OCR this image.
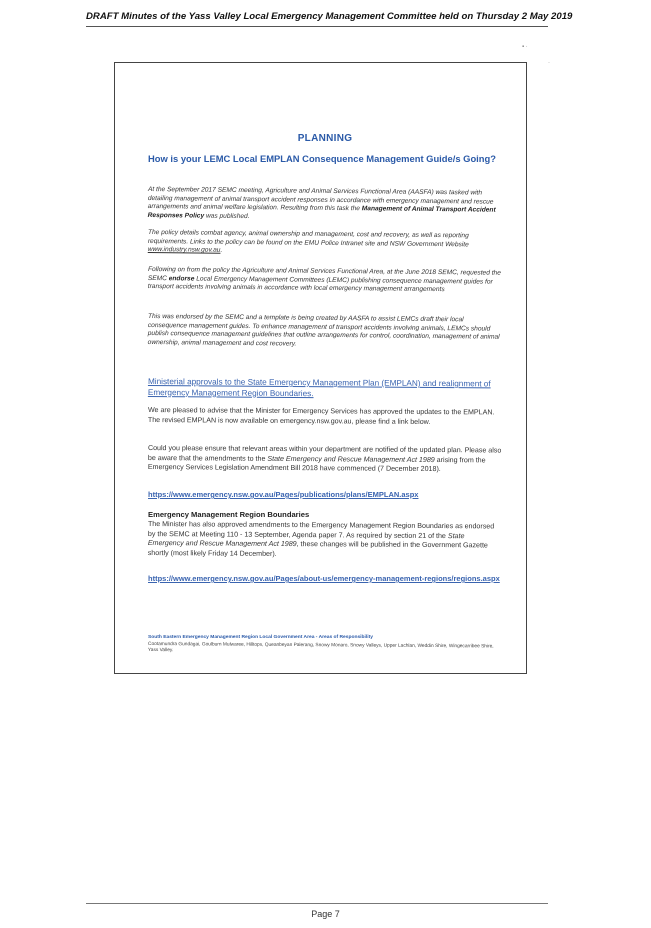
DRAFT Minutes of the Yass Valley Local Emergency Management Committee held on Thursday 2 May 2019
▪ ·
·
PLANNING
How is your LEMC Local EMPLAN Consequence Management Guide/s Going?
At the September 2017 SEMC meeting, Agriculture and Animal Services Functional Area (AASFA) was tasked with detailing management of animal transport accident responses in accordance with emergency management and rescue arrangements and animal welfare legislation. Resulting from this task the Management of Animal Transport Accident Responses Policy was published.
The policy details combat agency, animal ownership and management, cost and recovery, as well as reporting requirements. Links to the policy can be found on the EMU Police Intranet site and NSW Government Website www.industry.nsw.gov.au.
Following on from the policy the Agriculture and Animal Services Functional Area, at the June 2018 SEMC, requested the SEMC endorse Local Emergency Management Committees (LEMC) publishing consequence management guides for transport accidents involving animals in accordance with local emergency management arrangements
This was endorsed by the SEMC and a template is being created by AASFA to assist LEMCs draft their local consequence management guides. To enhance management of transport accidents involving animals, LEMCs should publish consequence management guidelines that outline arrangements for control, coordination, management of animal ownership, animal management and cost recovery.
Ministerial approvals to the State Emergency Management Plan (EMPLAN) and realignment of Emergency Management Region Boundaries.
We are pleased to advise that the Minister for Emergency Services has approved the updates to the EMPLAN. The revised EMPLAN is now available on emergency.nsw.gov.au, please find a link below.
Could you please ensure that relevant areas within your department are notified of the updated plan. Please also be aware that the amendments to the State Emergency and Rescue Management Act 1989 arising from the Emergency Services Legislation Amendment Bill 2018 have commenced (7 December 2018).
https://www.emergency.nsw.gov.au/Pages/publications/plans/EMPLAN.aspx
Emergency Management Region Boundaries
The Minister has also approved amendments to the Emergency Management Region Boundaries as endorsed by the SEMC at Meeting 110 - 13 September, Agenda paper 7. As required by section 21 of the State Emergency and Rescue Management Act 1989, these changes will be published in the Government Gazette shortly (most likely Friday 14 December).
https://www.emergency.nsw.gov.au/Pages/about-us/emergency-management-regions/regions.aspx
South Eastern Emergency Management Region Local Government Area - Areas of Responsibility
Cootamundra Gundagai, Goulburn Mulwaree, Hilltops, Queanbeyan Palerang, Snowy Monaro, Snowy Valleys, Upper Lachlan, Weddin Shire, Wingecarribee Shire, Yass Valley.
Page 7
